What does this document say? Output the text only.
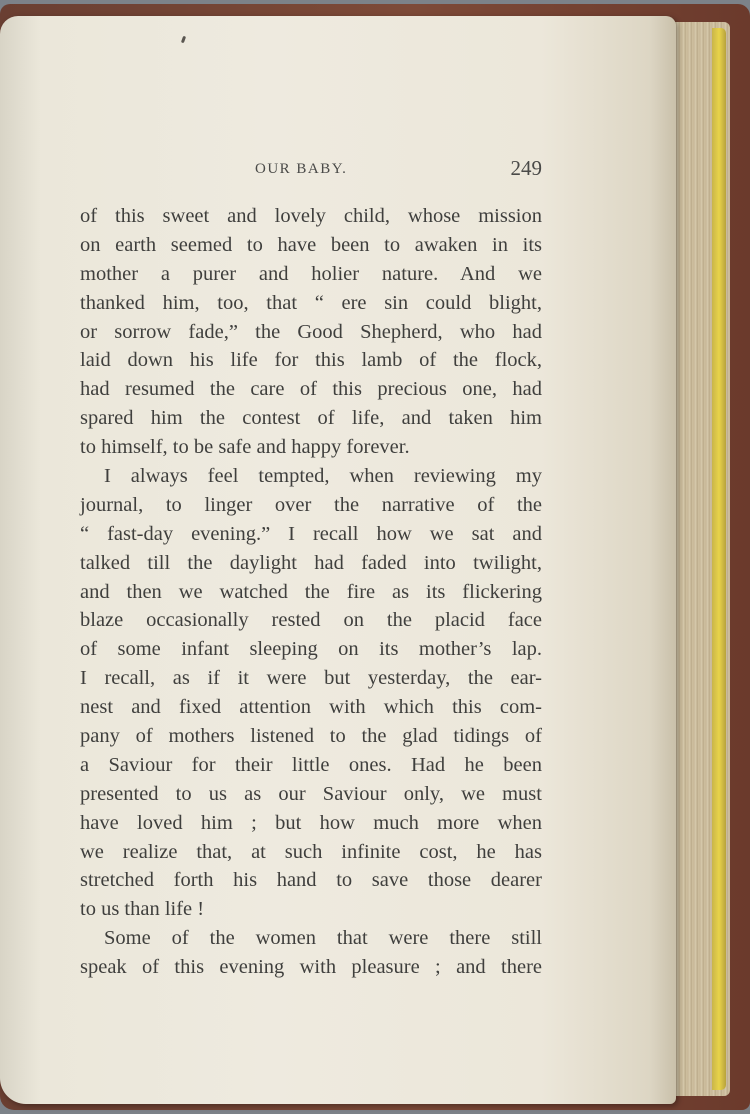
OUR BABY.	249
of this sweet and lovely child, whose mission
on earth seemed to have been to awaken in its
mother a purer and holier nature. And we
thanked him, too, that “ ere sin could blight,
or sorrow fade,” the Good Shepherd, who had
laid down his life for this lamb of the flock,
had resumed the care of this precious one, had
spared him the contest of life, and taken him
to himself, to be safe and happy forever.
I always feel tempted, when reviewing my
journal, to linger over the narrative of the
“ fast-day evening.” I recall how we sat and
talked till the daylight had faded into twilight,
and then we watched the fire as its flickering
blaze occasionally rested on the placid face
of some infant sleeping on its mother’s lap.
I recall, as if it were but yesterday, the ear-
nest and fixed attention with which this com-
pany of mothers listened to the glad tidings of
a Saviour for their little ones. Had he been
presented to us as our Saviour only, we must
have loved him ; but how much more when
we realize that, at such infinite cost, he has
stretched forth his hand to save those dearer
to us than life !
Some of the women that were there still
speak of this evening with pleasure ; and there
